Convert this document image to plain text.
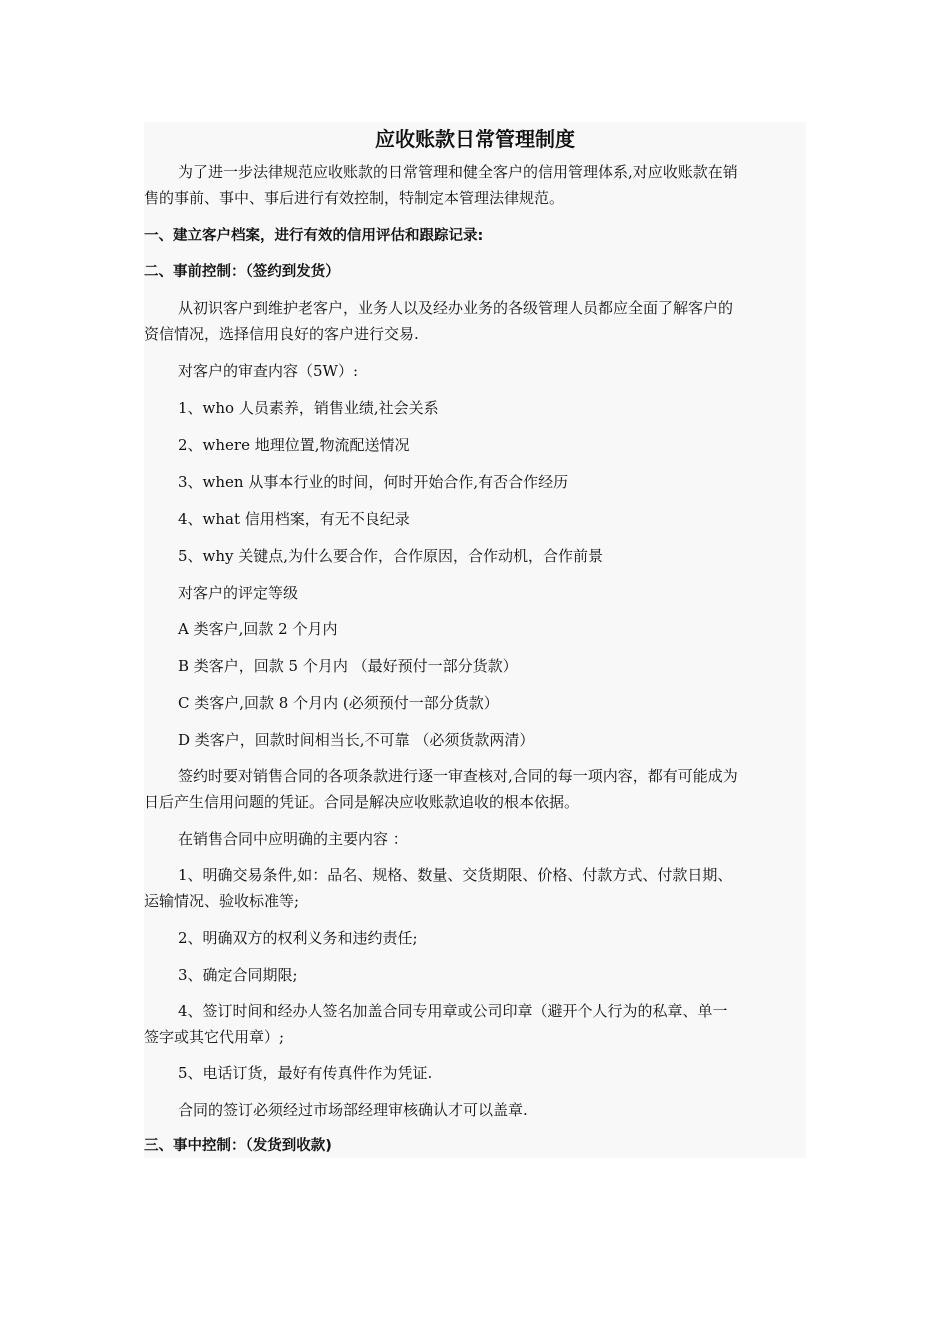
应收账款日常管理制度
为了进一步法律规范应收账款的日常管理和健全客户的信用管理体系,对应收账款在销
售的事前、事中、事后进行有效控制，特制定本管理法律规范。
一、建立客户档案，进行有效的信用评估和跟踪记录:
二、事前控制：（签约到发货）
从初识客户到维护老客户，业务人以及经办业务的各级管理人员都应全面了解客户的
资信情况，选择信用良好的客户进行交易.
对客户的审查内容（5W）:
1、who 人员素养，销售业绩,社会关系
2、where 地理位置,物流配送情况
3、when 从事本行业的时间，何时开始合作,有否合作经历
4、what 信用档案，有无不良纪录
5、why 关键点,为什么要合作，合作原因，合作动机，合作前景
对客户的评定等级
A 类客户,回款 2 个月内
B 类客户，回款 5 个月内 （最好预付一部分货款）
C 类客户,回款 8 个月内 (必须预付一部分货款）
D 类客户，回款时间相当长,不可靠 （必须货款两清）
签约时要对销售合同的各项条款进行逐一审查核对,合同的每一项内容，都有可能成为
日后产生信用问题的凭证。合同是解决应收账款追收的根本依据。
在销售合同中应明确的主要内容 ：
1、明确交易条件,如：品名、规格、数量、交货期限、价格、付款方式、付款日期、
运输情况、验收标准等;
2、明确双方的权利义务和违约责任;
3、确定合同期限;
4、签订时间和经办人签名加盖合同专用章或公司印章（避开个人行为的私章、单一
签字或其它代用章）;
5、电话订货，最好有传真件作为凭证.
合同的签订必须经过市场部经理审核确认才可以盖章.
三、事中控制：（发货到收款)
